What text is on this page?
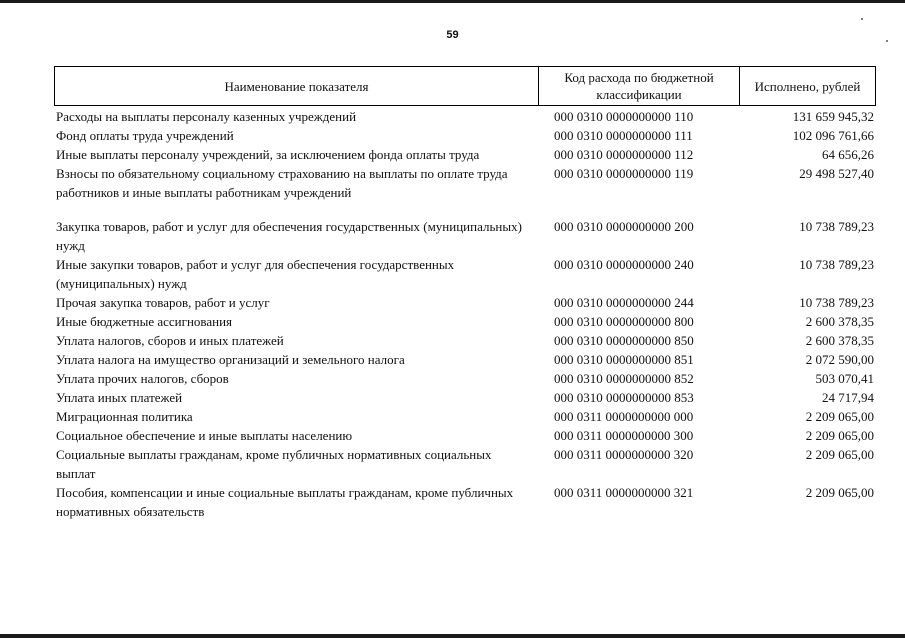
59
Наименование показателя
Код расхода по бюджетной классификации
Исполнено, рублей
Расходы на выплаты персоналу казенных учреждений	000 0310 0000000000 110	131 659 945,32
Фонд оплаты труда учреждений	000 0310 0000000000 111	102 096 761,66
Иные выплаты персоналу учреждений, за исключением фонда оплаты труда	000 0310 0000000000 112	64 656,26
Взносы по обязательному социальному страхованию на выплаты по оплате труда работников и иные выплаты работникам учреждений
000 0310 0000000000 119	29 498 527,40
Закупка товаров, работ и услуг для обеспечения государственных (муниципальных) нужд
000 0310 0000000000 200	10 738 789,23
Иные закупки товаров, работ и услуг для обеспечения государственных (муниципальных) нужд
000 0310 0000000000 240	10 738 789,23
Прочая закупка товаров, работ и услуг	000 0310 0000000000 244	10 738 789,23
Иные бюджетные ассигнования	000 0310 0000000000 800	2 600 378,35
Уплата налогов, сборов и иных платежей	000 0310 0000000000 850	2 600 378,35
Уплата налога на имущество организаций и земельного налога	000 0310 0000000000 851	2 072 590,00
Уплата прочих налогов, сборов	000 0310 0000000000 852	503 070,41
Уплата иных платежей	000 0310 0000000000 853	24 717,94
Миграционная политика	000 0311 0000000000 000	2 209 065,00
Социальное обеспечение и иные выплаты населению	000 0311 0000000000 300	2 209 065,00
Социальные выплаты гражданам, кроме публичных нормативных социальных выплат
000 0311 0000000000 320	2 209 065,00
Пособия, компенсации и иные социальные выплаты гражданам, кроме публичных нормативных обязательств
000 0311 0000000000 321	2 209 065,00
